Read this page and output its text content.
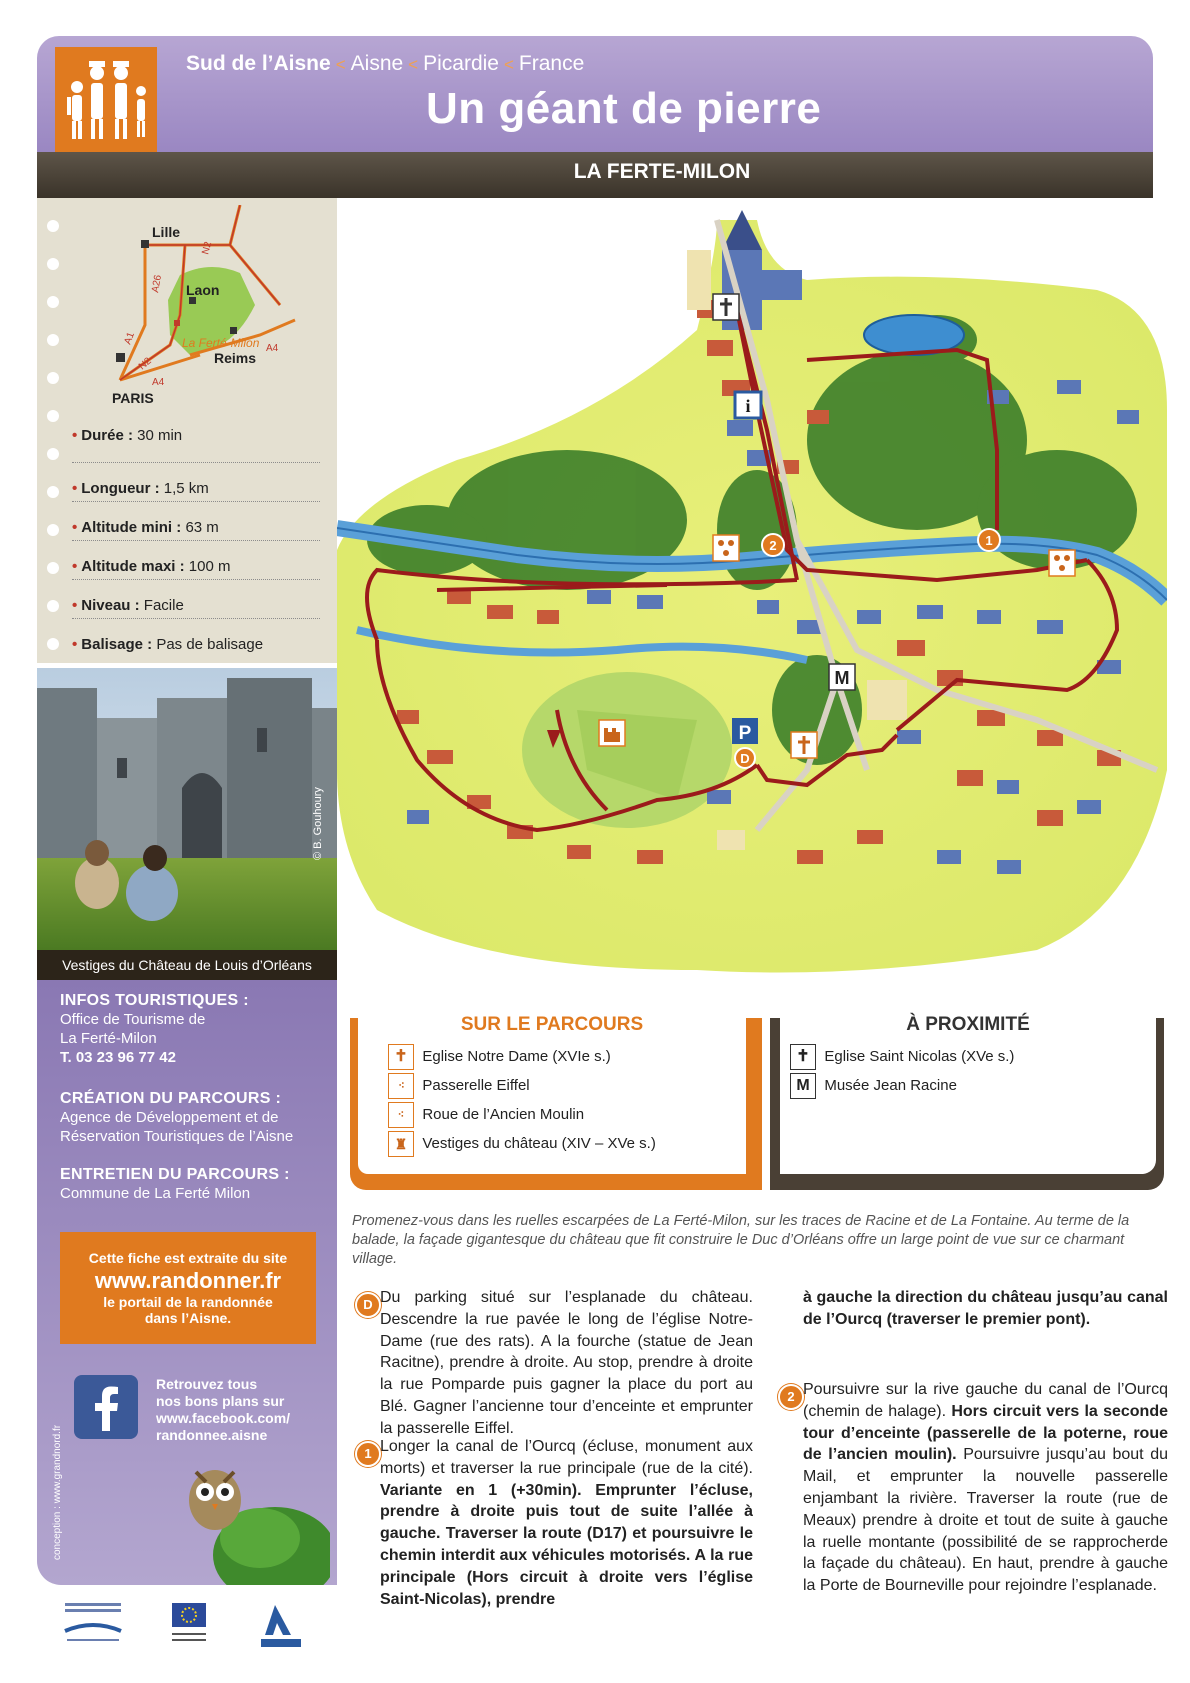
Sud de l’Aisne < Aisne < Picardie < France
Un géant de pierre
LA FERTE-MILON
Lille
Laon
La Ferté-Milon
Reims
PARIS
A26
N2
A1
N2
A4
A4
• Durée : 30 min
• Longueur : 1,5 km
• Altitude mini : 63 m
• Altitude maxi : 100 m
• Niveau : Facile
• Balisage : Pas de balisage
© B. Gouhoury
Vestiges du Château de Louis d’Orléans
INFOS TOURISTIQUES :
Office de Tourisme de
La Ferté-Milon
T. 03 23 96 77 42
CRÉATION DU PARCOURS :
Agence de Développement et de
Réservation Touristiques de l’Aisne
ENTRETIEN DU PARCOURS :
Commune de La Ferté Milon
Cette fiche est extraite du site
www.randonner.fr
le portail de la randonnée
dans l’Aisne.
Retrouvez tous
nos bons plans sur
www.facebook.com/
randonnee.aisne
conception : www.grandnord.fr
i
2	1
M
P
D
SUR LE PARCOURS
✝ Eglise Notre Dame (XVIe s.)
⁖ Passerelle Eiffel
⁖ Roue de l’Ancien Moulin
♜ Vestiges du château (XIV – XVe s.)
À PROXIMITÉ
✝ Eglise Saint Nicolas (XVe s.)
M Musée Jean Racine
Promenez-vous dans les ruelles escarpées de La Ferté-Milon, sur les traces de Racine et de La Fontaine. Au terme de la balade, la façade gigantesque du château que fit construire le Duc d’Orléans offre un large point de vue sur ce charmant village.
D Du parking situé sur l’esplanade du château. Descendre la rue pavée le long de l’église Notre-Dame (rue des rats). A la fourche (statue de Jean Racitne), prendre à droite. Au stop, prendre à droite la rue Pomparde puis gagner la place du port au Blé. Gagner l’ancienne tour d’enceinte et emprunter la passerelle Eiffel.
1 Longer la canal de l’Ourcq (écluse, monument aux morts) et traverser la rue principale (rue de la cité). Variante en 1 (+30min). Emprunter l’écluse, prendre à droite puis tout de suite l’allée à gauche. Traverser la route (D17) et poursuivre le chemin interdit aux véhicules motorisés. A la rue principale (Hors circuit à droite vers l’église Saint-Nicolas), prendre
à gauche la direction du château jusqu’au canal de l’Ourcq (traverser le premier pont).
2 Poursuivre sur la rive gauche du canal de l’Ourcq (chemin de halage). Hors circuit vers la seconde tour d’enceinte (passerelle de la poterne, roue de l’ancien moulin). Poursuivre jusqu’au bout du Mail, et emprunter la nouvelle passerelle enjambant la rivière. Traverser la route (rue de Meaux) prendre à droite et tout de suite à gauche la ruelle montante (possibilité de se rapprocherde la façade du château). En haut, prendre à gauche la Porte de Bourneville pour rejoindre l’esplanade.
